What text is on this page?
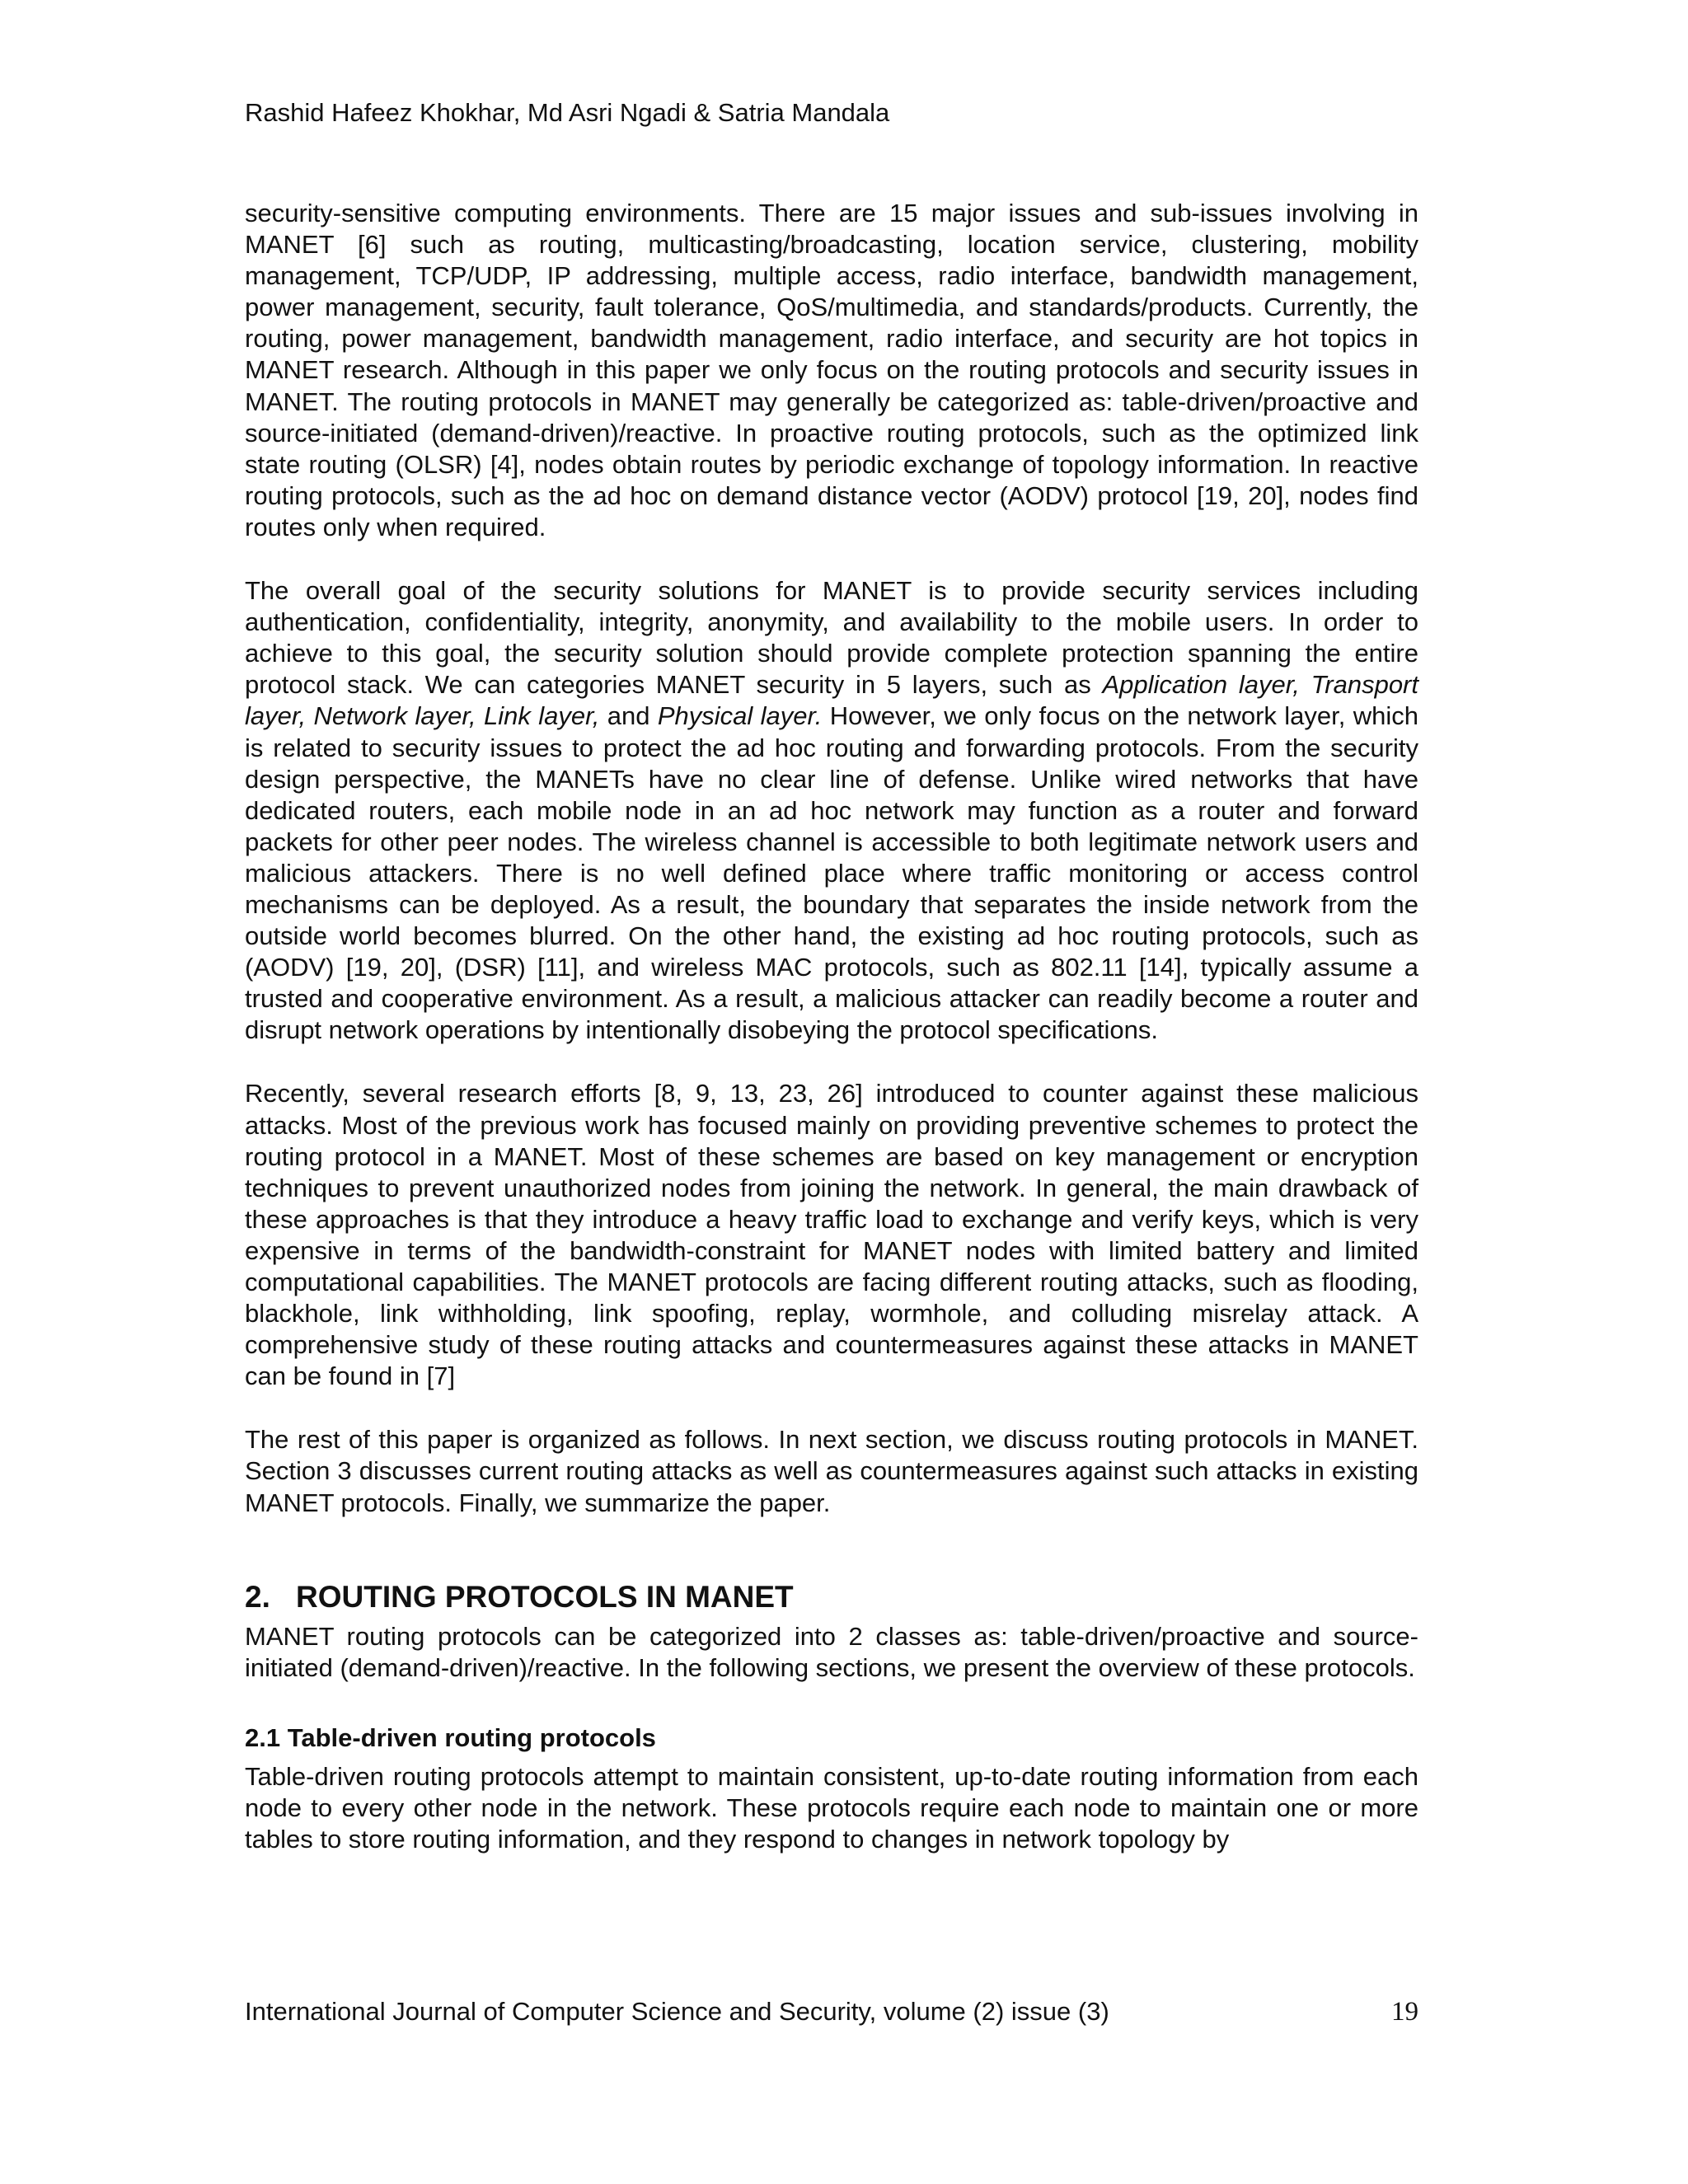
Rashid Hafeez Khokhar, Md Asri Ngadi & Satria Mandala

security-sensitive computing environments. There are 15 major issues and sub-issues involving in MANET [6] such as routing, multicasting/broadcasting, location service, clustering, mobility management, TCP/UDP, IP addressing, multiple access, radio interface, bandwidth management, power management, security, fault tolerance, QoS/multimedia, and standards/products. Currently, the routing, power management, bandwidth management, radio interface, and security are hot topics in MANET research. Although in this paper we only focus on the routing protocols and security issues in MANET. The routing protocols in MANET may generally be categorized as: table-driven/proactive and source-initiated (demand-driven)/reactive. In proactive routing protocols, such as the optimized link state routing (OLSR) [4], nodes obtain routes by periodic exchange of topology information. In reactive routing protocols, such as the ad hoc on demand distance vector (AODV) protocol [19, 20], nodes find routes only when required.

The overall goal of the security solutions for MANET is to provide security services including authentication, confidentiality, integrity, anonymity, and availability to the mobile users. In order to achieve to this goal, the security solution should provide complete protection spanning the entire protocol stack. We can categories MANET security in 5 layers, such as Application layer, Transport layer, Network layer, Link layer, and Physical layer. However, we only focus on the network layer, which is related to security issues to protect the ad hoc routing and forwarding protocols. From the security design perspective, the MANETs have no clear line of defense. Unlike wired networks that have dedicated routers, each mobile node in an ad hoc network may function as a router and forward packets for other peer nodes. The wireless channel is accessible to both legitimate network users and malicious attackers. There is no well defined place where traffic monitoring or access control mechanisms can be deployed. As a result, the boundary that separates the inside network from the outside world becomes blurred. On the other hand, the existing ad hoc routing protocols, such as (AODV) [19, 20], (DSR) [11], and wireless MAC protocols, such as 802.11 [14], typically assume a trusted and cooperative environment. As a result, a malicious attacker can readily become a router and disrupt network operations by intentionally disobeying the protocol specifications.

Recently, several research efforts [8, 9, 13, 23, 26] introduced to counter against these malicious attacks. Most of the previous work has focused mainly on providing preventive schemes to protect the routing protocol in a MANET. Most of these schemes are based on key management or encryption techniques to prevent unauthorized nodes from joining the network. In general, the main drawback of these approaches is that they introduce a heavy traffic load to exchange and verify keys, which is very expensive in terms of the bandwidth-constraint for MANET nodes with limited battery and limited computational capabilities. The MANET protocols are facing different routing attacks, such as flooding, blackhole, link withholding, link spoofing, replay, wormhole, and colluding misrelay attack. A comprehensive study of these routing attacks and countermeasures against these attacks in MANET can be found in [7]

The rest of this paper is organized as follows. In next section, we discuss routing protocols in MANET. Section 3 discusses current routing attacks as well as countermeasures against such attacks in existing MANET protocols. Finally, we summarize the paper.

2. ROUTING PROTOCOLS IN MANET

MANET routing protocols can be categorized into 2 classes as: table-driven/proactive and source-initiated (demand-driven)/reactive. In the following sections, we present the overview of these protocols.

2.1 Table-driven routing protocols

Table-driven routing protocols attempt to maintain consistent, up-to-date routing information from each node to every other node in the network. These protocols require each node to maintain one or more tables to store routing information, and they respond to changes in network topology by

International Journal of Computer Science and Security, volume (2) issue (3)	19
